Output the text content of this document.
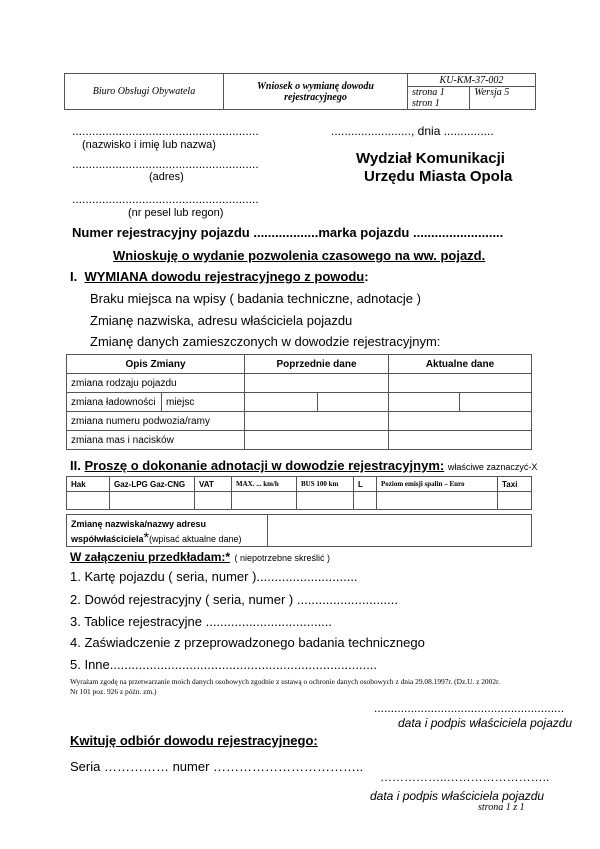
Biuro Obsługi Obywatela	Wniosek o wymianę dowodu rejestracyjnego	KU-KM-37-002	
		strona 1	Wersja 5
		stron 1	
........................................................
(nazwisko i imię lub nazwa)
........................, dnia ...............
........................................................
(adres)
........................................................
(nr pesel lub regon)
Wydział Komunikacji
Urzędu Miasta Opola
Numer rejestracyjny pojazdu ..................marka pojazdu .........................
Wnioskuję o wydanie pozwolenia czasowego na ww. pojazd.
I. WYMIANA dowodu rejestracyjnego z powodu:
Braku miejsca na wpisy ( badania techniczne, adnotacje )
Zmianę nazwiska, adresu właściciela pojazdu
Zmianę danych zamieszczonych w dowodzie rejestracyjnym:
Opis Zmiany		Poprzednie dane		Aktualne dane	
zmiana rodzaju pojazdu					
zmiana ładowności	miejsc				
zmiana numeru podwozia/ramy					
zmiana mas i nacisków					
II. Proszę o dokonanie adnotacji w dowodzie rejestracyjnym: właściwe zaznaczyć-X
Hak	Gaz-LPG Gaz-CNG	VAT	MAX. ... km/h	BUS 100 km	L	Poziom emisji spalin – Euro	Taxi

Zmianę nazwiska/nazwy adresu
współwłaściciela*(wpisać aktualne dane)	
W załączeniu przedkładam:* ( niepotrzebne skreślić )
1. Kartę pojazdu ( seria, numer )............................
2. Dowód rejestracyjny ( seria, numer ) ............................
3. Tablice rejestracyjne ...................................
4. Zaświadczenie z przeprowadzonego badania technicznego
5. Inne..........................................................................
Wyrażam zgodę na przetwarzanie moich danych osobowych zgodnie z ustawą o ochronie danych osobowych z dnia 29.08.1997r. (Dz.U. z 2002r.
Nr 101 poz. 926 z późn. zm.)
.........................................................
data i podpis właściciela pojazdu
Kwituję odbiór dowodu rejestracyjnego:
Seria …………… numer ……………………………..
……………..……………………..
data i podpis właściciela pojazdu
strona 1 z 1
